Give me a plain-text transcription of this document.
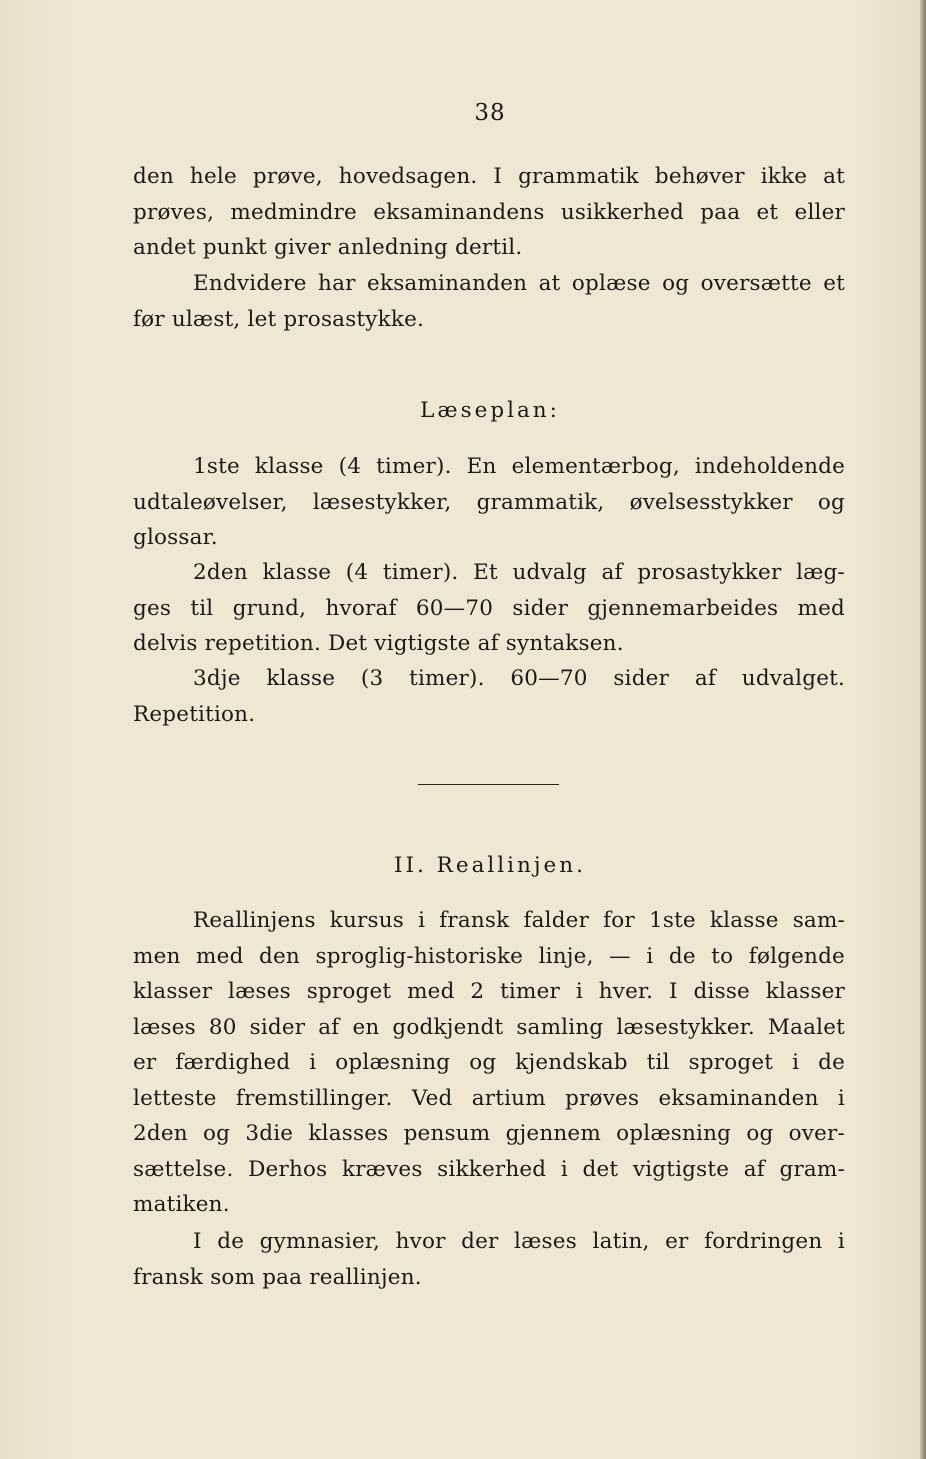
38
den hele prøve, hovedsagen. I grammatik behøver ikke at
prøves, medmindre eksaminandens usikkerhed paa et eller
andet punkt giver anledning dertil.
Endvidere har eksaminanden at oplæse og oversætte et
før ulæst, let prosastykke.
Læseplan:
1ste klasse (4 timer). En elementærbog, indeholdende
udtaleøvelser, læsestykker, grammatik, øvelsesstykker og
glossar.
2den klasse (4 timer). Et udvalg af prosastykker læg-
ges til grund, hvoraf 60—70 sider gjennemarbeides med
delvis repetition. Det vigtigste af syntaksen.
3dje klasse (3 timer). 60—70 sider af udvalget.
Repetition.
II. Reallinjen.
Reallinjens kursus i fransk falder for 1ste klasse sam-
men med den sproglig-historiske linje, — i de to følgende
klasser læses sproget med 2 timer i hver. I disse klasser
læses 80 sider af en godkjendt samling læsestykker. Maalet
er færdighed i oplæsning og kjendskab til sproget i de
letteste fremstillinger. Ved artium prøves eksaminanden i
2den og 3die klasses pensum gjennem oplæsning og over-
sættelse. Derhos kræves sikkerhed i det vigtigste af gram-
matiken.
I de gymnasier, hvor der læses latin, er fordringen i
fransk som paa reallinjen.
